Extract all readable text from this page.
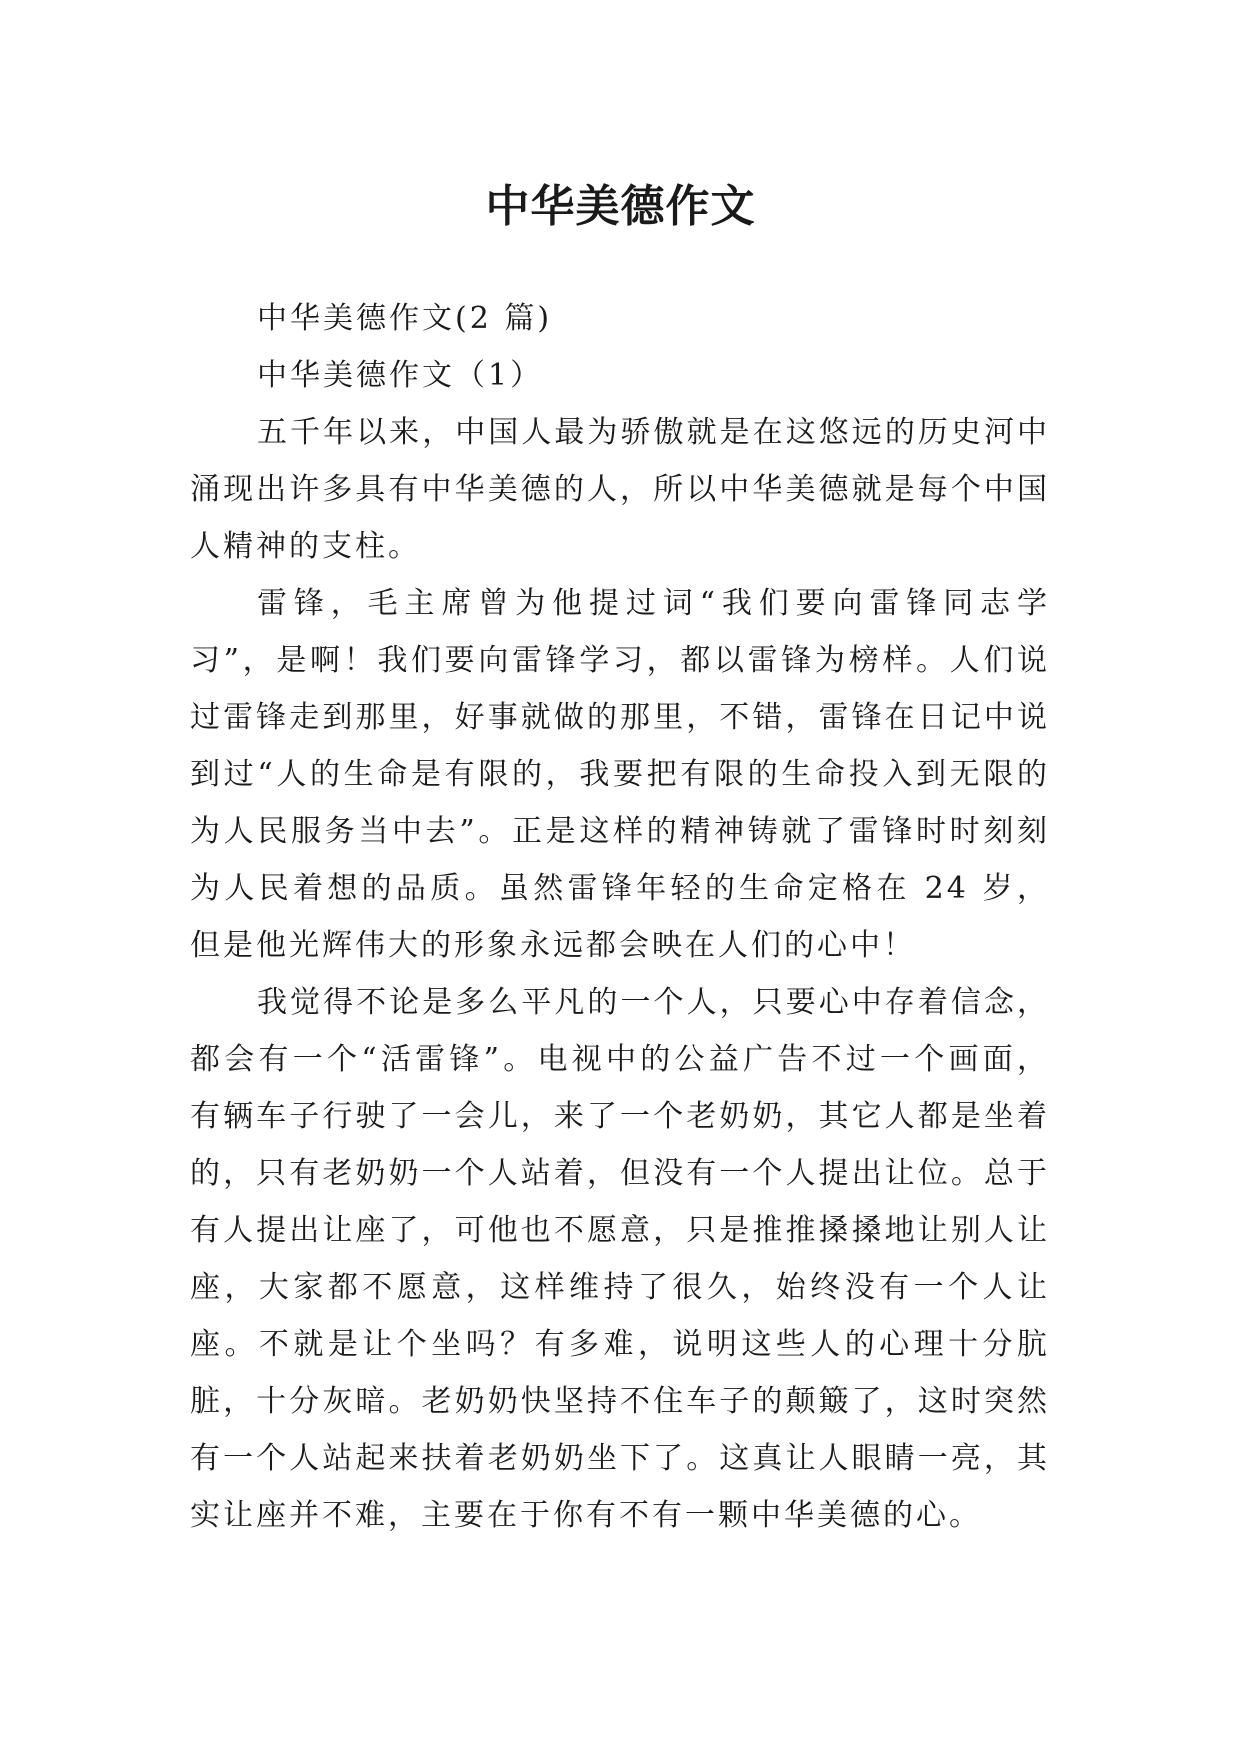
中华美德作文

中华美德作文(2 篇)

中华美德作文（1）

五千年以来，中国人最为骄傲就是在这悠远的历史河中涌现出许多具有中华美德的人，所以中华美德就是每个中国人精神的支柱。

雷锋，毛主席曾为他提过词“我们要向雷锋同志学习”，是啊！我们要向雷锋学习，都以雷锋为榜样。人们说过雷锋走到那里，好事就做的那里，不错，雷锋在日记中说到过“人的生命是有限的，我要把有限的生命投入到无限的为人民服务当中去”。正是这样的精神铸就了雷锋时时刻刻为人民着想的品质。虽然雷锋年轻的生命定格在 24 岁，但是他光辉伟大的形象永远都会映在人们的心中！

我觉得不论是多么平凡的一个人，只要心中存着信念，都会有一个“活雷锋”。电视中的公益广告不过一个画面，有辆车子行驶了一会儿，来了一个老奶奶，其它人都是坐着的，只有老奶奶一个人站着，但没有一个人提出让位。总于有人提出让座了，可他也不愿意，只是推推搡搡地让别人让座，大家都不愿意，这样维持了很久，始终没有一个人让座。不就是让个坐吗？有多难，说明这些人的心理十分肮脏，十分灰暗。老奶奶快坚持不住车子的颠簸了，这时突然有一个人站起来扶着老奶奶坐下了。这真让人眼睛一亮，其实让座并不难，主要在于你有不有一颗中华美德的心。
